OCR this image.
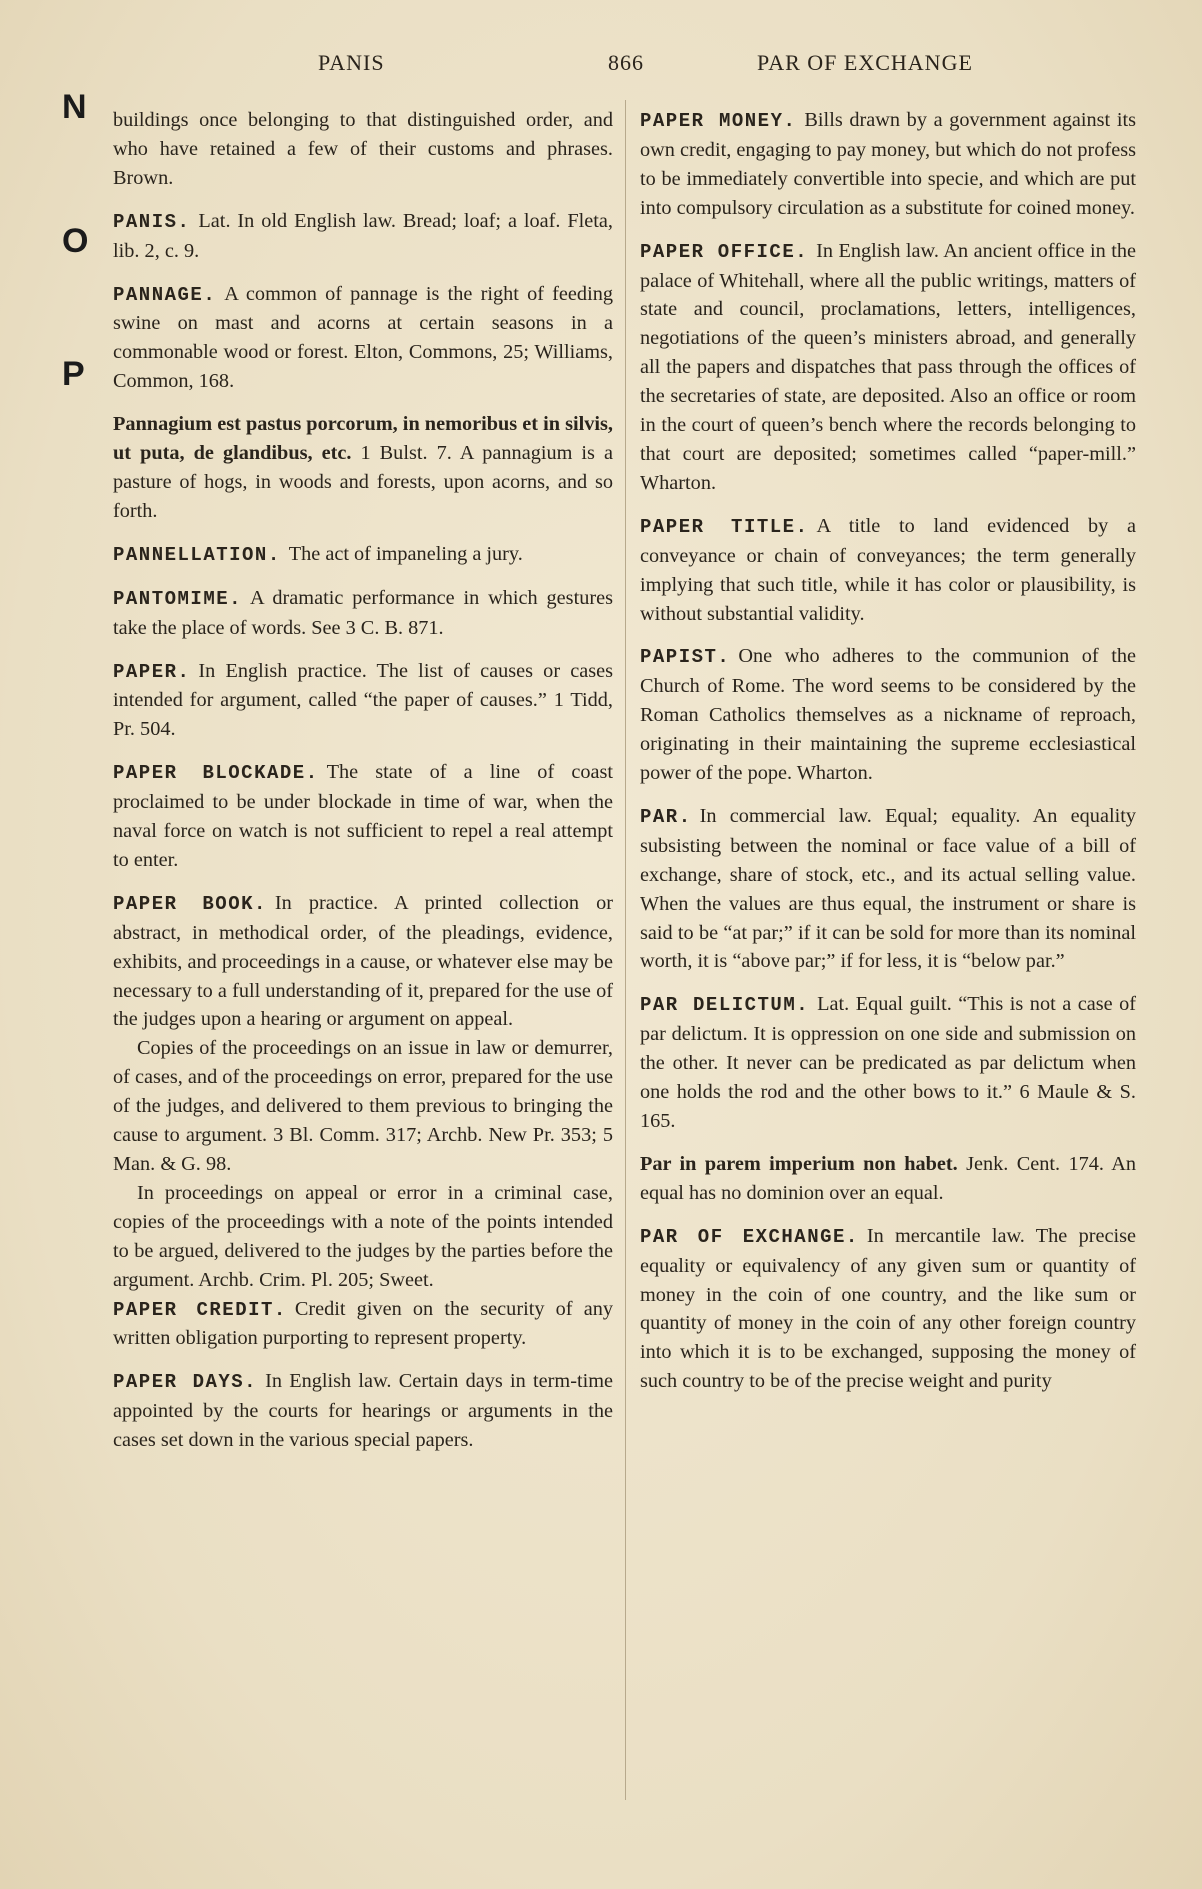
PANIS	866	PAR OF EXCHANGE
N
O
P

buildings once belonging to that distinguished order, and who have retained a few of their customs and phrases. Brown.

PANIS. Lat. In old English law. Bread; loaf; a loaf. Fleta, lib. 2, c. 9.

PANNAGE. A common of pannage is the right of feeding swine on mast and acorns at certain seasons in a commonable wood or forest. Elton, Commons, 25; Williams, Common, 168.

Pannagium est pastus porcorum, in nemoribus et in silvis, ut puta, de glandibus, etc. 1 Bulst. 7. A pannagium is a pasture of hogs, in woods and forests, upon acorns, and so forth.

PANNELLATION. The act of impaneling a jury.

PANTOMIME. A dramatic performance in which gestures take the place of words. See 3 C. B. 871.

PAPER. In English practice. The list of causes or cases intended for argument, called “the paper of causes.” 1 Tidd, Pr. 504.

PAPER BLOCKADE. The state of a line of coast proclaimed to be under blockade in time of war, when the naval force on watch is not sufficient to repel a real attempt to enter.

PAPER BOOK. In practice. A printed collection or abstract, in methodical order, of the pleadings, evidence, exhibits, and proceedings in a cause, or whatever else may be necessary to a full understanding of it, prepared for the use of the judges upon a hearing or argument on appeal.

Copies of the proceedings on an issue in law or demurrer, of cases, and of the proceedings on error, prepared for the use of the judges, and delivered to them previous to bringing the cause to argument. 3 Bl. Comm. 317; Archb. New Pr. 353; 5 Man. & G. 98.

In proceedings on appeal or error in a criminal case, copies of the proceedings with a note of the points intended to be argued, delivered to the judges by the parties before the argument. Archb. Crim. Pl. 205; Sweet.

PAPER CREDIT. Credit given on the security of any written obligation purporting to represent property.

PAPER DAYS. In English law. Certain days in term-time appointed by the courts for hearings or arguments in the cases set down in the various special papers.

PAPER MONEY. Bills drawn by a government against its own credit, engaging to pay money, but which do not profess to be immediately convertible into specie, and which are put into compulsory circulation as a substitute for coined money.

PAPER OFFICE. In English law. An ancient office in the palace of Whitehall, where all the public writings, matters of state and council, proclamations, letters, intelligences, negotiations of the queen’s ministers abroad, and generally all the papers and dispatches that pass through the offices of the secretaries of state, are deposited. Also an office or room in the court of queen’s bench where the records belonging to that court are deposited; sometimes called “paper-mill.” Wharton.

PAPER TITLE. A title to land evidenced by a conveyance or chain of conveyances; the term generally implying that such title, while it has color or plausibility, is without substantial validity.

PAPIST. One who adheres to the communion of the Church of Rome. The word seems to be considered by the Roman Catholics themselves as a nickname of reproach, originating in their maintaining the supreme ecclesiastical power of the pope. Wharton.

PAR. In commercial law. Equal; equality. An equality subsisting between the nominal or face value of a bill of exchange, share of stock, etc., and its actual selling value. When the values are thus equal, the instrument or share is said to be “at par;” if it can be sold for more than its nominal worth, it is “above par;” if for less, it is “below par.”

PAR DELICTUM. Lat. Equal guilt. “This is not a case of par delictum. It is oppression on one side and submission on the other. It never can be predicated as par delictum when one holds the rod and the other bows to it.” 6 Maule & S. 165.

Par in parem imperium non habet. Jenk. Cent. 174. An equal has no dominion over an equal.

PAR OF EXCHANGE. In mercantile law. The precise equality or equivalency of any given sum or quantity of money in the coin of one country, and the like sum or quantity of money in the coin of any other foreign country into which it is to be exchanged, supposing the money of such country to be of the precise weight and purity
